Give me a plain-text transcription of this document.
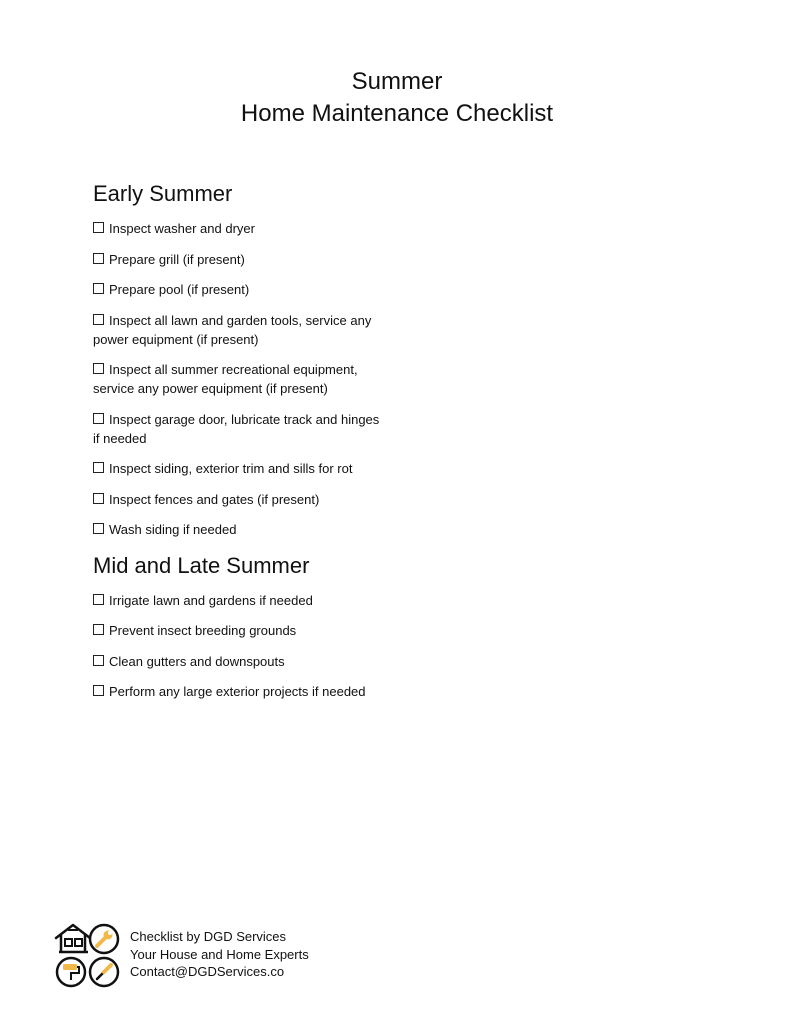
Summer
Home Maintenance Checklist
Early Summer
Inspect washer and dryer
Prepare grill (if present)
Prepare pool (if present)
Inspect all lawn and garden tools, service any power equipment (if present)
Inspect all summer recreational equipment, service any power equipment (if present)
Inspect garage door, lubricate track and hinges if needed
Inspect siding, exterior trim and sills for rot
Inspect fences and gates (if present)
Wash siding if needed
Mid and Late Summer
Irrigate lawn and gardens if needed
Prevent insect breeding grounds
Clean gutters and downspouts
Perform any large exterior projects if needed
Checklist by DGD Services
Your House and Home Experts
Contact@DGDServices.co
